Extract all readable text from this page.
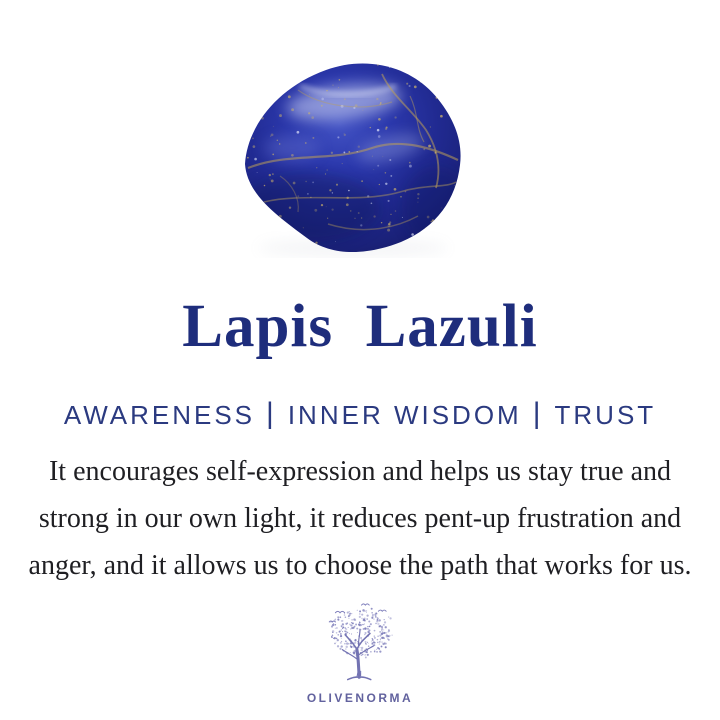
Lapis  Lazuli
AWARENESS | INNER WISDOM | TRUST
It encourages self-expression and helps us stay true and
strong in our own light, it reduces pent-up frustration and
anger, and it allows us to choose the path that works for us.
OLIVENORMA
